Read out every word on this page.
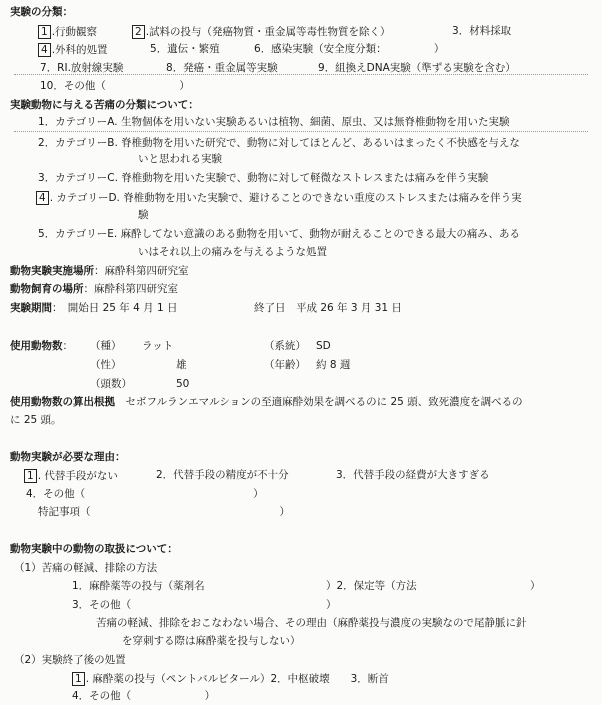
実験の分類：
1 .行動観察	2 .試料の投与（発癌物質・重金属等毒性物質を除く）	3．材料採取
4 .外科的処置	5．遺伝・繁殖	6．感染実験（安全度分類：　　　　　）
7．RI.放射線実験	8．発癌・重金属等実験	9．組換えDNA実験（準ずる実験を含む）
10．その他（　　　　　　　）
実験動物に与える苦痛の分類について：
1．カテゴリーA. 生物個体を用いない実験あるいは植物、細菌、原虫、又は無脊椎動物を用いた実験
2．カテゴリーB. 脊椎動物を用いた研究で、動物に対してほとんど、あるいはまったく不快感を与えな
いと思われる実験
3．カテゴリーC. 脊椎動物を用いた実験で、動物に対して軽微なストレスまたは痛みを伴う実験
4 . カテゴリーD. 脊椎動物を用いた実験で、避けることのできない重度のストレスまたは痛みを伴う実
験
5．カテゴリーE. 麻酔してない意識のある動物を用いて、動物が耐えることのできる最大の痛み、ある
いはそれ以上の痛みを与えるような処置
動物実験実施場所：麻酔科第四研究室
動物飼育の場所：麻酔科第四研究室
実験期間：　開始日 25 年 4 月 1 日	終了日　平成 26 年 3 月 31 日
使用動物数： （種） ラット	（系統） SD
（性）	雄	（年齢） 約 8 週
（頭数）	50
使用動物数の算出根拠　 セボフルランエマルションの至適麻酔効果を調べるのに 25 頭、致死濃度を調べるの
に 25 頭。
動物実験が必要な理由：
1 . 代替手段がない	2．代替手段の精度が不十分	3．代替手段の経費が大きすぎる
4．その他（　　　　　　　　　　　　　　　　）
特記事項（　　　　　　　　　　　　　　　　　　）
動物実験中の動物の取扱について：
（1）苦痛の軽減、排除の方法
1．麻酔薬等の投与（薬剤名	）2．保定等（方法	）
3．その他（	）
苦痛の軽減、排除をおこなわない場合、その理由（麻酔薬投与濃度の実験なので尾静脈に針
を穿刺する際は麻酔薬を投与しない）
（2）実験終了後の処置
1 . 麻酔薬の投与（ペントバルビタール）2．中枢破壊　　3．断首
4．その他（　　　　　　　）
